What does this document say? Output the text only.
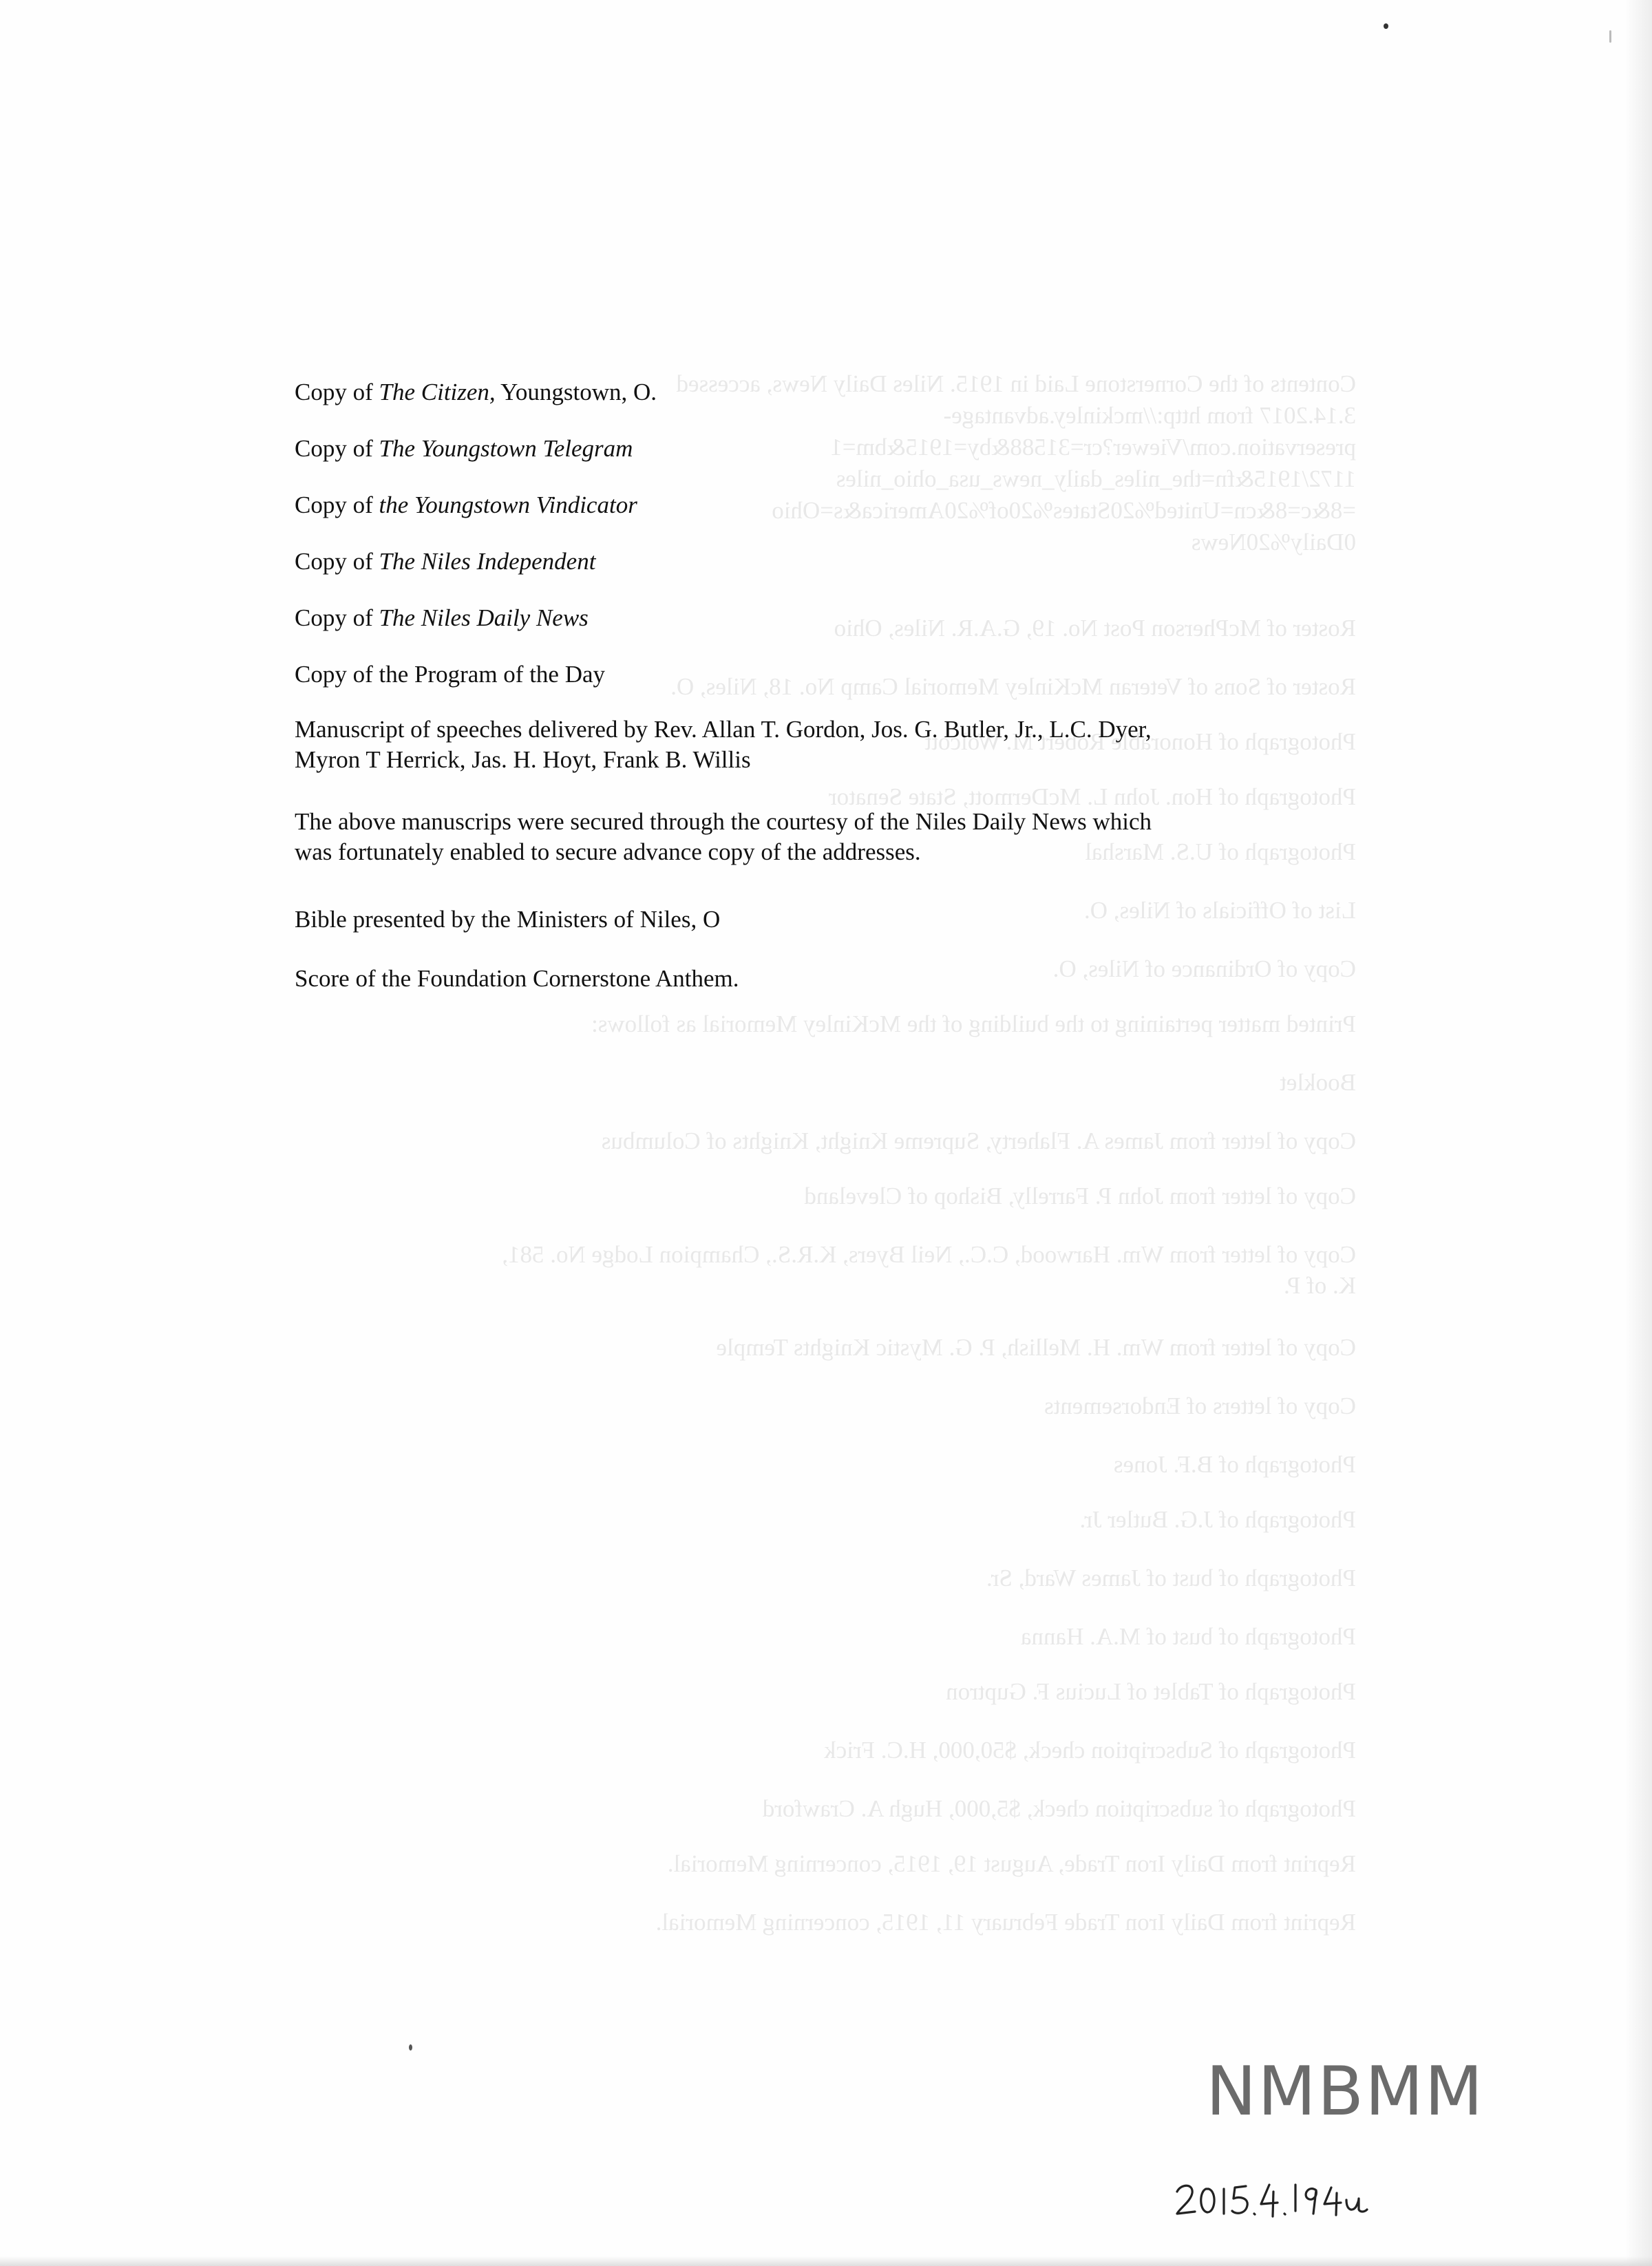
Contents of the Cornerstone Laid in 1915. Niles Daily News, accessed
3.14.2017 from http://mckinley.advantage-
preservation.com/Viewer?cr=31588&by=1915&bm=1
1172/1915&fn=the_niles_daily_news_usa_ohio_niles
=8&c=8&cn=United%20States%20of%20America&s=Ohio
0Daily%20News
Roster of McPherson Post No. 19, G.A.R. Niles, Ohio
Roster of Sons of Veteran McKinley Memorial Camp No. 18, Niles, O.
Photograph of Honorable Robert M. Wolcott
Photograph of Hon. John L. McDermott, State Senator
Photograph of U.S. Marshal
List of Officials of Niles, O.
Copy of Ordinance of Niles, O.
Printed matter pertaining to the building of the McKinley Memorial as follows:
Booklet
Copy of letter from James A. Flaherty, Supreme Knight, Knights of Columbus
Copy of letter from John P. Farrelly, Bishop of Cleveland
Copy of letter from Wm. Harwood, C.C., Neil Byers, K.R.S., Champion Lodge No. 581,
K. of P.
Copy of letter from Wm. H. Mellish, P. G. Mystic Knights Temple
Copy of letters of Endorsements
Photograph of B.F. Jones
Photograph of J.G. Butler Jr.
Photograph of bust of James Ward, Sr.
Photograph of bust of M.A. Hanna
Photograph of Tablet of Lucius F. Guptron
Photograph of Subscription check, $50,000, H.C. Frick
Photograph of subscription check, $5,000, Hugh A. Crawford
Reprint from Daily Iron Trade, August 19, 1915, concerning Memorial.
Reprint from Daily Iron Trade February 11, 1915, concerning Memorial.
Copy of The Citizen, Youngstown, O.
Copy of The Youngstown Telegram
Copy of the Youngstown Vindicator
Copy of The Niles Independent
Copy of The Niles Daily News
Copy of the Program of the Day
Manuscript of speeches delivered by Rev. Allan T. Gordon, Jos. G. Butler, Jr., L.C. Dyer,
Myron T Herrick, Jas. H. Hoyt, Frank B. Willis
The above manuscrips were secured through the courtesy of the Niles Daily News which
was fortunately enabled to secure advance copy of the addresses.
Bible presented by the Ministers of Niles, O
Score of the Foundation Cornerstone Anthem.
NMBMM
